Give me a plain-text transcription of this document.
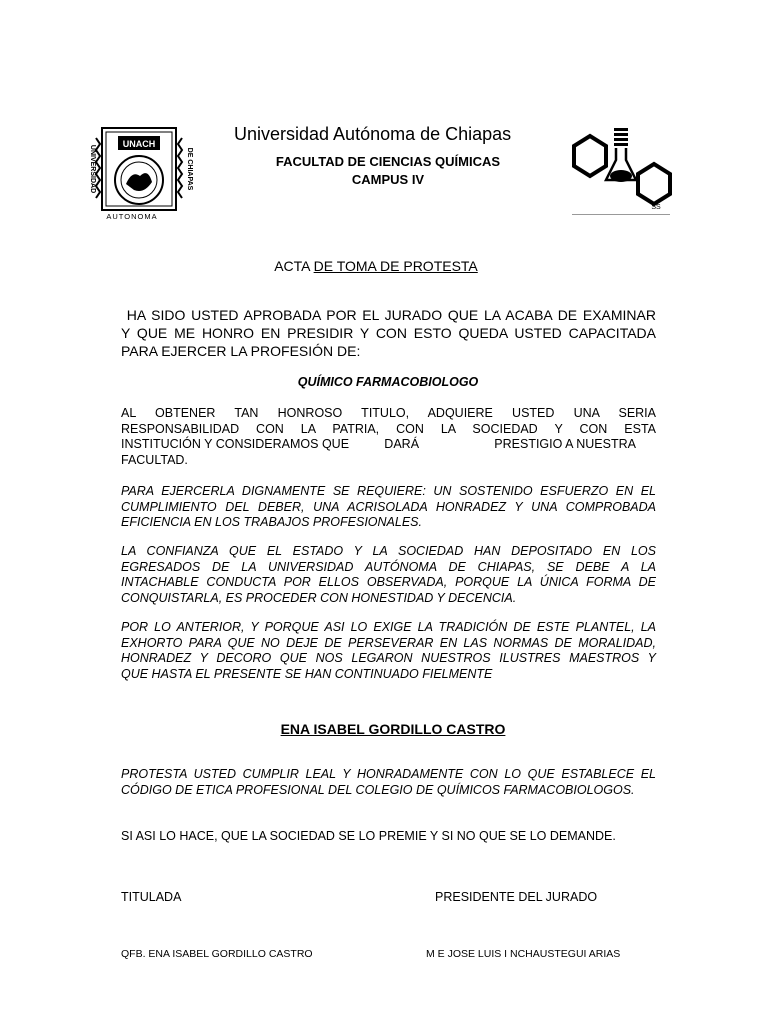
UNACH
UNIVERSIDAD	DE CHIAPAS
AUTONOMA
Universidad Autónoma de Chiapas
FACULTAD DE CIENCIAS QUÍMICAS
CAMPUS IV
SS
ACTA DE TOMA DE PROTESTA
HA SIDO USTED APROBADA POR EL JURADO QUE LA ACABA DE EXAMINAR
Y QUE ME HONRO EN PRESIDIR Y CON ESTO QUEDA USTED CAPACITADA
PARA EJERCER LA PROFESIÓN DE:
QUÍMICO FARMACOBIOLOGO
AL OBTENER TAN HONROSO TITULO, ADQUIERE USTED UNA SERIA
RESPONSABILIDAD CON LA PATRIA, CON LA SOCIEDAD Y CON ESTA
INSTITUCIÓN Y CONSIDERAMOS QUE	DARÁ	PRESTIGIO A NUESTRA
FACULTAD.
PARA EJERCERLA DIGNAMENTE SE REQUIERE: UN SOSTENIDO ESFUERZO EN EL
CUMPLIMIENTO DEL DEBER, UNA ACRISOLADA HONRADEZ Y UNA COMPROBADA
EFICIENCIA EN LOS TRABAJOS PROFESIONALES.
LA CONFIANZA QUE EL ESTADO Y LA SOCIEDAD HAN DEPOSITADO EN LOS
EGRESADOS DE LA UNIVERSIDAD AUTÓNOMA DE CHIAPAS, SE DEBE A LA
INTACHABLE CONDUCTA POR ELLOS OBSERVADA, PORQUE LA ÚNICA FORMA DE
CONQUISTARLA, ES PROCEDER CON HONESTIDAD Y DECENCIA.
POR LO ANTERIOR, Y PORQUE ASI LO EXIGE LA TRADICIÓN DE ESTE PLANTEL, LA
EXHORTO PARA QUE NO DEJE DE PERSEVERAR EN LAS NORMAS DE MORALIDAD,
HONRADEZ Y DECORO QUE NOS LEGARON NUESTROS ILUSTRES MAESTROS Y
QUE HASTA EL PRESENTE SE HAN CONTINUADO FIELMENTE
ENA ISABEL GORDILLO CASTRO
PROTESTA USTED CUMPLIR LEAL Y HONRADAMENTE CON LO QUE ESTABLECE EL
CÓDIGO DE ETICA PROFESIONAL DEL COLEGIO DE QUÍMICOS FARMACOBIOLOGOS.
SI ASI LO HACE, QUE LA SOCIEDAD SE LO PREMIE Y SI NO QUE SE LO DEMANDE.
TITULADA	PRESIDENTE DEL JURADO
QFB. ENA ISABEL GORDILLO CASTRO	M E JOSE LUIS I NCHAUSTEGUI ARIAS
